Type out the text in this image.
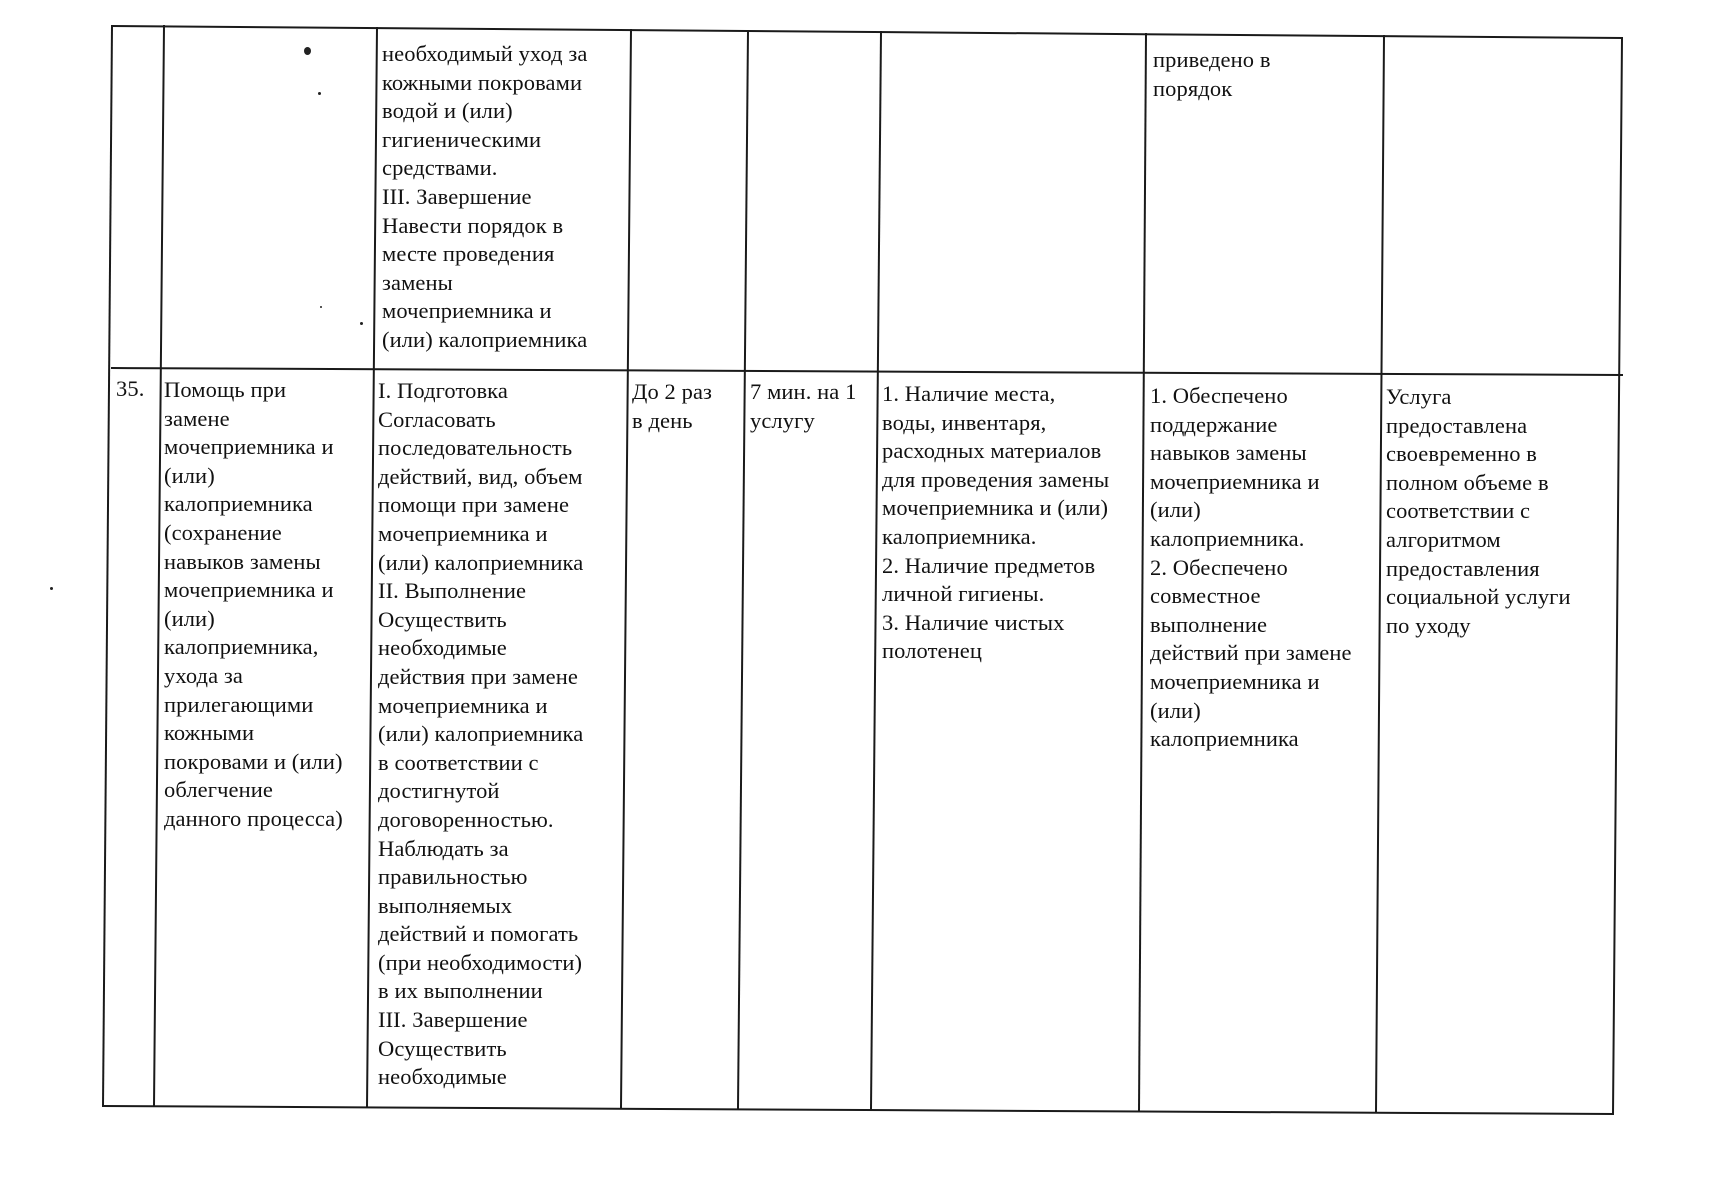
необходимый уход за
кожными покровами
водой и (или)
гигиеническими
средствами.
III. Завершение
Навести порядок в
месте проведения
замены
мочеприемника и
(или) калоприемника
приведено в
порядок
35. Помощь при
замене
мочеприемника и
(или)
калоприемника
(сохранение
навыков замены
мочеприемника и
(или)
калоприемника,
ухода за
прилегающими
кожными
покровами и (или)
облегчение
данного процесса)
I. Подготовка
Согласовать
последовательность
действий, вид, объем
помощи при замене
мочеприемника и
(или) калоприемника
II. Выполнение
Осуществить
необходимые
действия при замене
мочеприемника и
(или) калоприемника
в соответствии с
достигнутой
договоренностью.
Наблюдать за
правильностью
выполняемых
действий и помогать
(при необходимости)
в их выполнении
III. Завершение
Осуществить
необходимые
До 2 раз
в день
7 мин. на 1
услугу
1. Наличие места,
воды, инвентаря,
расходных материалов
для проведения замены
мочеприемника и (или)
калоприемника.
2. Наличие предметов
личной гигиены.
3. Наличие чистых
полотенец
1. Обеспечено
поддержание
навыков замены
мочеприемника и
(или)
калоприемника.
2. Обеспечено
совместное
выполнение
действий при замене
мочеприемника и
(или)
калоприемника
Услуга
предоставлена
своевременно в
полном объеме в
соответствии с
алгоритмом
предоставления
социальной услуги
по уходу
